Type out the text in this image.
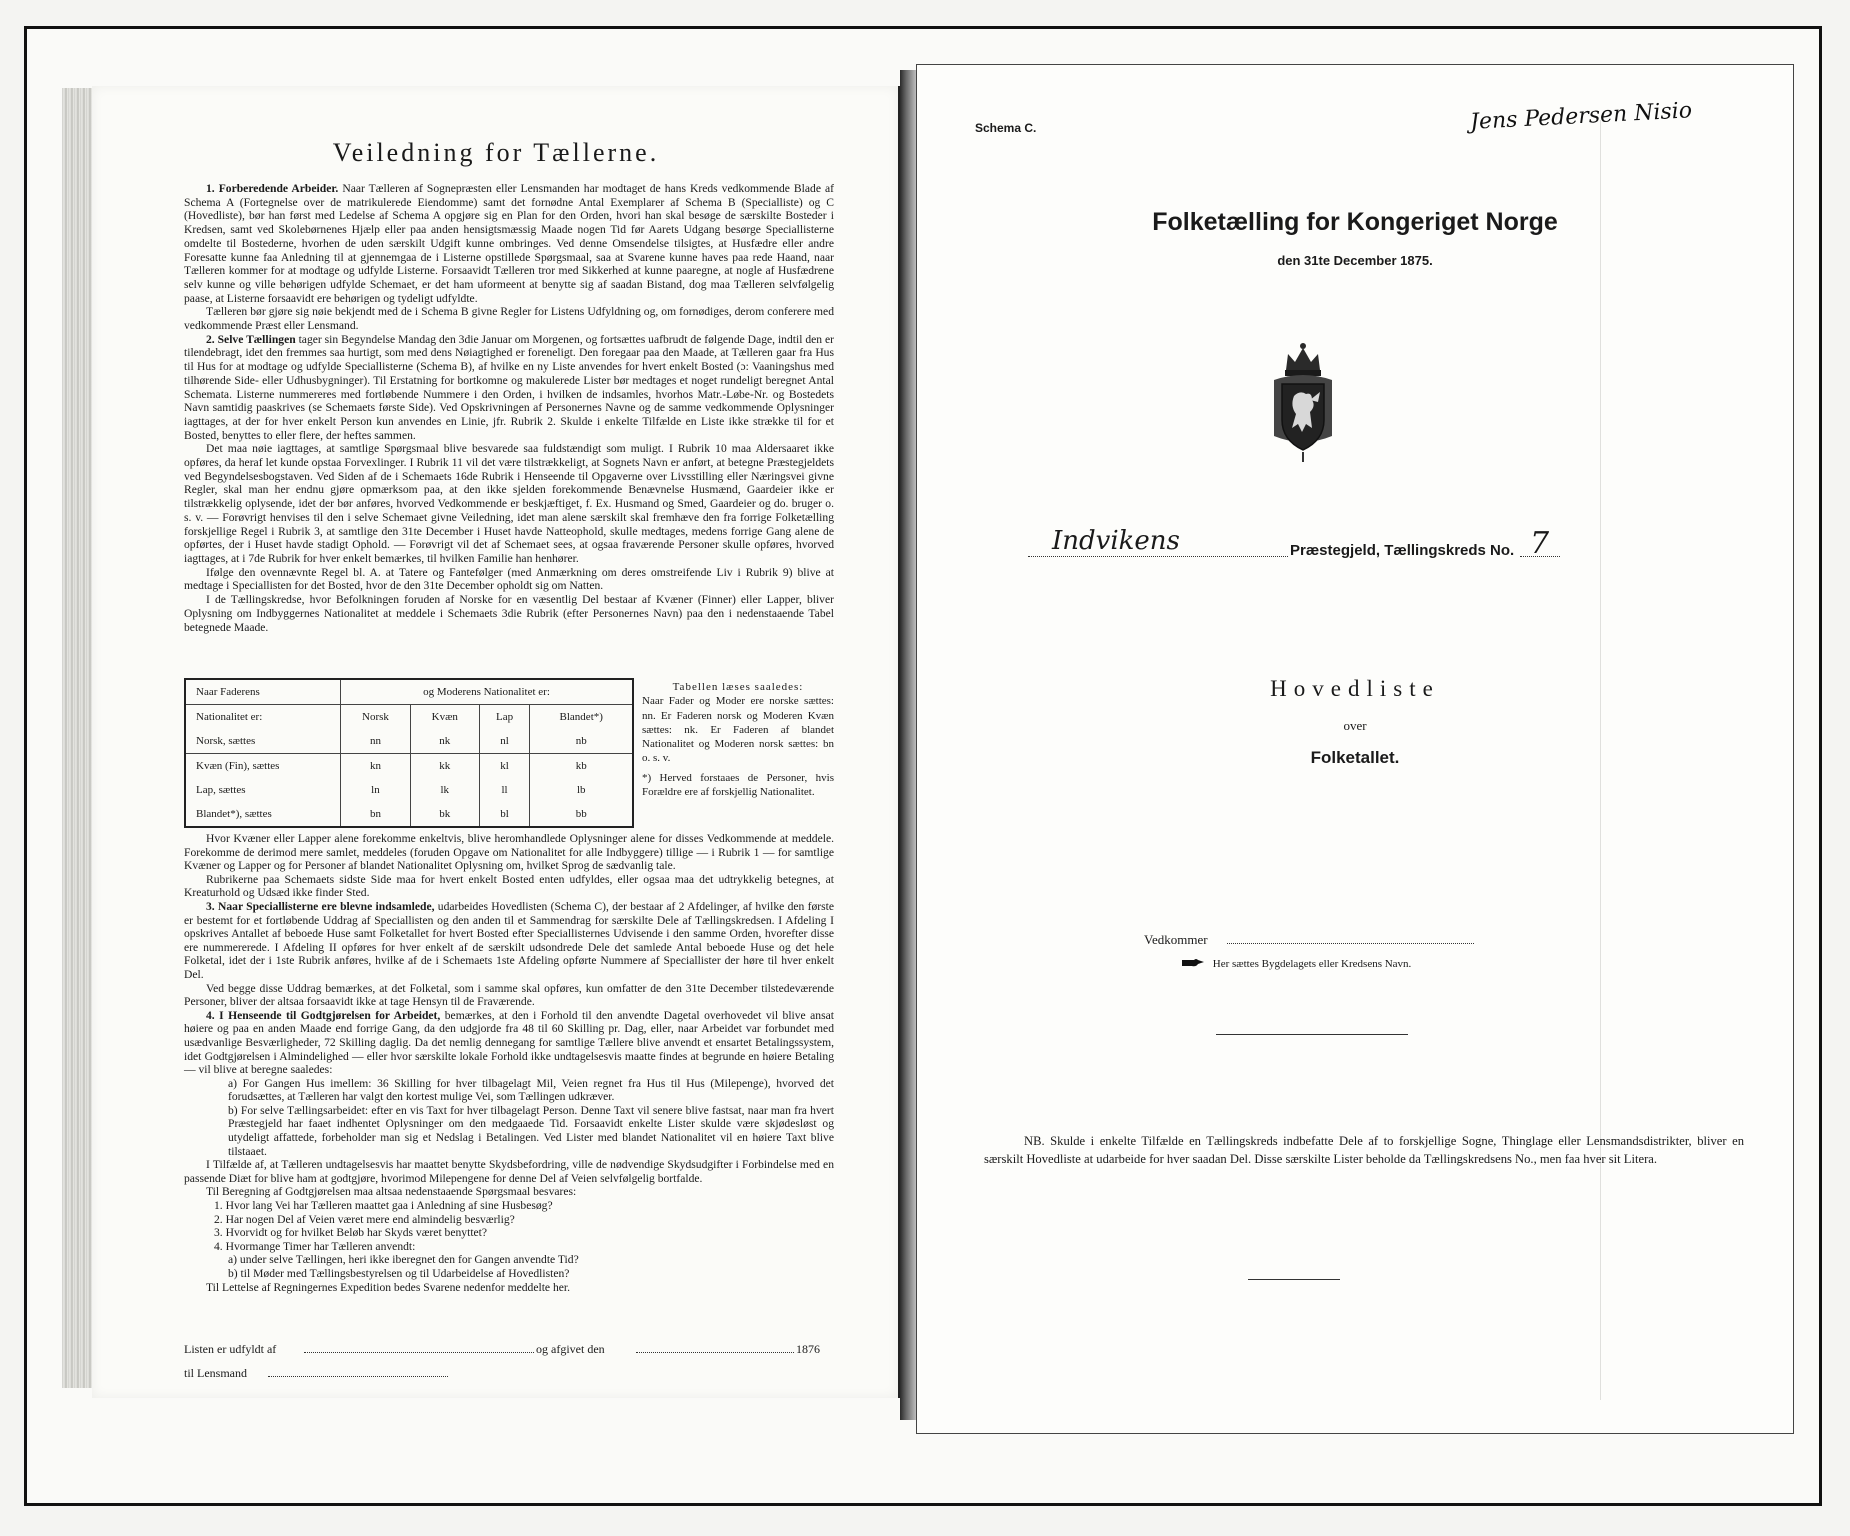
Veiledning for Tællerne.

1. Forberedende Arbeider. Naar Tælleren af Sognepræsten eller Lensmanden har modtaget de hans Kreds vedkommende Blade af Schema A (Fortegnelse over de matrikulerede Eiendomme) samt det fornødne Antal Exemplarer af Schema B (Specialliste) og C (Hovedliste), bør han først med Ledelse af Schema A opgjøre sig en Plan for den Orden, hvori han skal besøge de særskilte Bosteder i Kredsen, samt ved Skolebørnenes Hjælp eller paa anden hensigtsmæssig Maade nogen Tid før Aarets Udgang besørge Speciallisterne omdelte til Bostederne, hvorhen de uden særskilt Udgift kunne ombringes. Ved denne Omsendelse tilsigtes, at Husfædre eller andre Foresatte kunne faa Anledning til at gjennemgaa de i Listerne opstillede Spørgsmaal, saa at Svarene kunne haves paa rede Haand, naar Tælleren kommer for at modtage og udfylde Listerne. Forsaavidt Tælleren tror med Sikkerhed at kunne paaregne, at nogle af Husfædrene selv kunne og ville behørigen udfylde Schemaet, er det ham uformeent at benytte sig af saadan Bistand, dog maa Tælleren selvfølgelig paase, at Listerne forsaavidt ere behørigen og tydeligt udfyldte.

Tælleren bør gjøre sig nøie bekjendt med de i Schema B givne Regler for Listens Udfyldning og, om fornødiges, derom conferere med vedkommende Præst eller Lensmand.

2. Selve Tællingen tager sin Begyndelse Mandag den 3die Januar om Morgenen, og fortsættes uafbrudt de følgende Dage, indtil den er tilendebragt, idet den fremmes saa hurtigt, som med dens Nøiagtighed er foreneligt. Den foregaar paa den Maade, at Tælleren gaar fra Hus til Hus for at modtage og udfylde Speciallisterne (Schema B), af hvilke en ny Liste anvendes for hvert enkelt Bosted (ɔ: Vaaningshus med tilhørende Side- eller Udhusbygninger). Til Erstatning for bortkomne og makulerede Lister bør medtages et noget rundeligt beregnet Antal Schemata. Listerne nummereres med fortløbende Nummere i den Orden, i hvilken de indsamles, hvorhos Matr.-Løbe-Nr. og Bostedets Navn samtidig paaskrives (se Schemaets første Side). Ved Opskrivningen af Personernes Navne og de samme vedkommende Oplysninger iagttages, at der for hver enkelt Person kun anvendes en Linie, jfr. Rubrik 2. Skulde i enkelte Tilfælde en Liste ikke strække til for et Bosted, benyttes to eller flere, der heftes sammen.

Det maa nøie iagttages, at samtlige Spørgsmaal blive besvarede saa fuldstændigt som muligt. I Rubrik 10 maa Aldersaaret ikke opføres, da heraf let kunde opstaa Forvexlinger. I Rubrik 11 vil det være tilstrækkeligt, at Sognets Navn er anført, at betegne Præstegjeldets ved Begyndelsesbogstaven. Ved Siden af de i Schemaets 16de Rubrik i Henseende til Opgaverne over Livsstilling eller Næringsvei givne Regler, skal man her endnu gjøre opmærksom paa, at den ikke sjelden forekommende Benævnelse Husmænd, Gaardeier ikke er tilstrækkelig oplysende, idet der bør anføres, hvorved Vedkommende er beskjæftiget, f. Ex. Husmand og Smed, Gaardeier og do. bruger o. s. v. — Forøvrigt henvises til den i selve Schemaet givne Veiledning, idet man alene særskilt skal fremhæve den fra forrige Folketælling forskjellige Regel i Rubrik 3, at samtlige den 31te December i Huset havde Natteophold, skulle medtages, medens forrige Gang alene de opførtes, der i Huset havde stadigt Ophold. — Forøvrigt vil det af Schemaet sees, at ogsaa fraværende Personer skulle opføres, hvorved iagttages, at i 7de Rubrik for hver enkelt bemærkes, til hvilken Familie han henhører.

Ifølge den ovennævnte Regel bl. A. at Tatere og Fantefølger (med Anmærkning om deres omstreifende Liv i Rubrik 9) blive at medtage i Speciallisten for det Bosted, hvor de den 31te December opholdt sig om Natten.

I de Tællingskredse, hvor Befolkningen foruden af Norske for en væsentlig Del bestaar af Kvæner (Finner) eller Lapper, bliver Oplysning om Indbyggernes Nationalitet at meddele i Schemaets 3die Rubrik (efter Personernes Navn) paa den i nedenstaaende Tabel betegnede Maade.

Naar Faderens	og Moderens Nationalitet er:			
Nationalitet er:	Norsk	Kvæn	Lap	Blandet*)
Norsk, sættes	nn	nk	nl	nb
Kvæn (Fin), sættes	kn	kk	kl	kb
Lap, sættes	ln	lk	ll	lb
Blandet*), sættes	bn	bk	bl	bb

Tabellen læses saaledes:

Naar Fader og Moder ere norske sættes: nn. Er Faderen norsk og Moderen Kvæn sættes: nk. Er Faderen af blandet Nationalitet og Moderen norsk sættes: bn o. s. v.

*) Herved forstaaes de Personer, hvis Forældre ere af forskjellig Nationalitet.

Hvor Kvæner eller Lapper alene forekomme enkeltvis, blive heromhandlede Oplysninger alene for disses Vedkommende at meddele. Forekomme de derimod mere samlet, meddeles (foruden Opgave om Nationalitet for alle Indbyggere) tillige — i Rubrik 1 — for samtlige Kvæner og Lapper og for Personer af blandet Nationalitet Oplysning om, hvilket Sprog de sædvanlig tale.

Rubrikerne paa Schemaets sidste Side maa for hvert enkelt Bosted enten udfyldes, eller ogsaa maa det udtrykkelig betegnes, at Kreaturhold og Udsæd ikke finder Sted.

3. Naar Speciallisterne ere blevne indsamlede, udarbeides Hovedlisten (Schema C), der bestaar af 2 Afdelinger, af hvilke den første er bestemt for et fortløbende Uddrag af Speciallisten og den anden til et Sammendrag for særskilte Dele af Tællingskredsen. I Afdeling I opskrives Antallet af beboede Huse samt Folketallet for hvert Bosted efter Speciallisternes Udvisende i den samme Orden, hvorefter disse ere nummererede. I Afdeling II opføres for hver enkelt af de særskilt udsondrede Dele det samlede Antal beboede Huse og det hele Folketal, idet der i 1ste Rubrik anføres, hvilke af de i Schemaets 1ste Afdeling opførte Nummere af Speciallister der høre til hver enkelt Del.

Ved begge disse Uddrag bemærkes, at det Folketal, som i samme skal opføres, kun omfatter de den 31te December tilstedeværende Personer, bliver der altsaa forsaavidt ikke at tage Hensyn til de Fraværende.

4. I Henseende til Godtgjørelsen for Arbeidet, bemærkes, at den i Forhold til den anvendte Dagetal overhovedet vil blive ansat høiere og paa en anden Maade end forrige Gang, da den udgjorde fra 48 til 60 Skilling pr. Dag, eller, naar Arbeidet var forbundet med usædvanlige Besværligheder, 72 Skilling daglig. Da det nemlig dennegang for samtlige Tællere blive anvendt et ensartet Betalingssystem, idet Godtgjørelsen i Almindelighed — eller hvor særskilte lokale Forhold ikke undtagelsesvis maatte findes at begrunde en høiere Betaling — vil blive at beregne saaledes:

a) For Gangen Hus imellem: 36 Skilling for hver tilbagelagt Mil, Veien regnet fra Hus til Hus (Milepenge), hvorved det forudsættes, at Tælleren har valgt den kortest mulige Vei, som Tællingen udkræver.

b) For selve Tællingsarbeidet: efter en vis Taxt for hver tilbagelagt Person. Denne Taxt vil senere blive fastsat, naar man fra hvert Præstegjeld har faaet indhentet Oplysninger om den medgaaede Tid. Forsaavidt enkelte Lister skulde være skjødesløst og utydeligt affattede, forbeholder man sig et Nedslag i Betalingen. Ved Lister med blandet Nationalitet vil en høiere Taxt blive tilstaaet.

I Tilfælde af, at Tælleren undtagelsesvis har maattet benytte Skydsbefordring, ville de nødvendige Skydsudgifter i Forbindelse med en passende Diæt for blive ham at godtgjøre, hvorimod Milepengene for denne Del af Veien selvfølgelig bortfalde.

Til Beregning af Godtgjørelsen maa altsaa nedenstaaende Spørgsmaal besvares:

1. Hvor lang Vei har Tælleren maattet gaa i Anledning af sine Husbesøg?

2. Har nogen Del af Veien været mere end almindelig besværlig?

3. Hvorvidt og for hvilket Beløb har Skyds været benyttet?

4. Hvormange Timer har Tælleren anvendt:

a) under selve Tællingen, heri ikke iberegnet den for Gangen anvendte Tid?

b) til Møder med Tællingsbestyrelsen og til Udarbeidelse af Hovedlisten?

Til Lettelse af Regningernes Expedition bedes Svarene nedenfor meddelte her.

Listen er udfyldt af	og afgivet den	1876
til Lensmand
Schema C.	Jens Pedersen Nisio
Folketælling for Kongeriget Norge
den 31te December 1875.
Indvikens	Præstegjeld, Tællingskreds No. 7
Hovedliste
over
Folketallet.
Vedkommer
Her sættes Bygdelagets eller Kredsens Navn.

NB. Skulde i enkelte Tilfælde en Tællingskreds indbefatte Dele af to forskjellige Sogne, Thinglage eller Lensmandsdistrikter, bliver en særskilt Hovedliste at udarbeide for hver saadan Del. Disse særskilte Lister beholde da Tællingskredsens No., men faa hver sit Litera.
